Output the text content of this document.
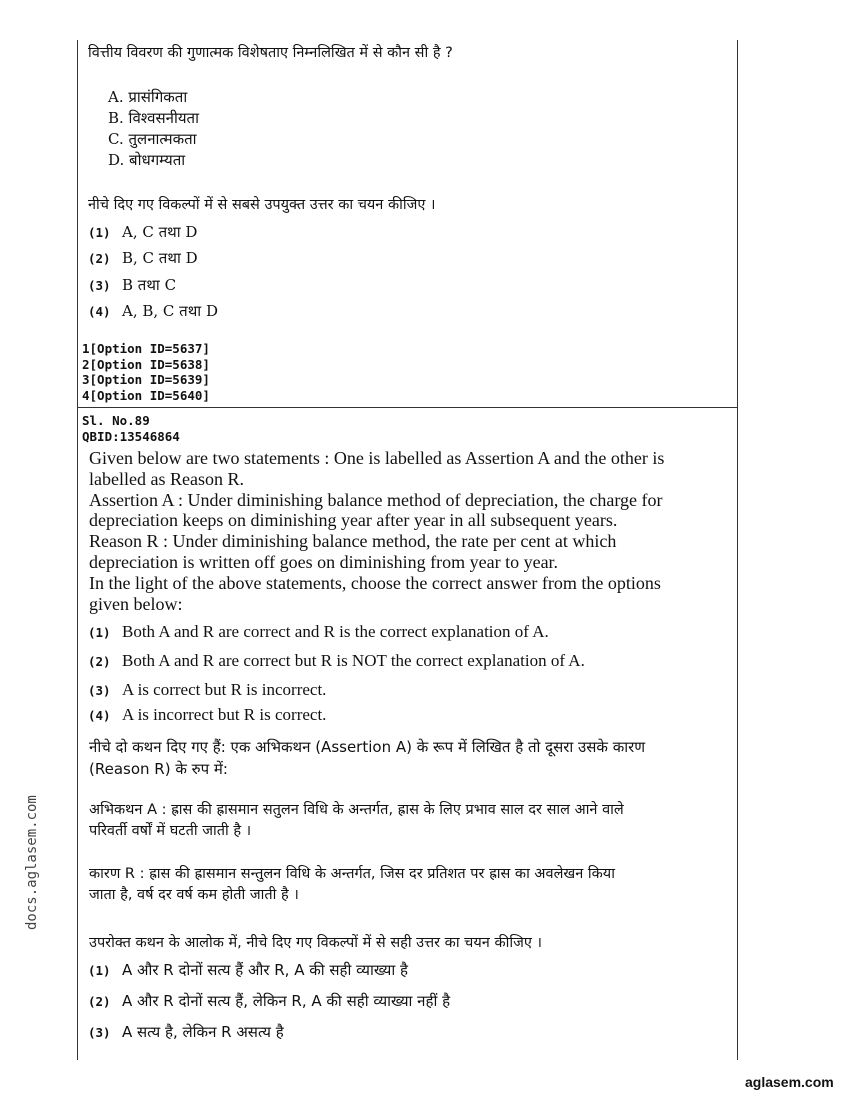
वित्तीय विवरण की गुणात्मक विशेषताए निम्नलिखित में से कौन सी है ?
A. प्रासंगिकता
B. विश्वसनीयता
C. तुलनात्मकता
D. बोधगम्यता
नीचे दिए गए विकल्पों में से सबसे उपयुक्त उत्तर का चयन कीजिए ।
(1) A, C तथा D
(2) B, C तथा D
(3) B तथा C
(4) A, B, C तथा D
1[Option ID=5637]
2[Option ID=5638]
3[Option ID=5639]
4[Option ID=5640]
Sl. No.89
QBID:13546864
Given below are two statements : One is labelled as Assertion A and the other is
labelled as Reason R.
Assertion A : Under diminishing balance method of depreciation, the charge for
depreciation keeps on diminishing year after year in all subsequent years.
Reason R : Under diminishing balance method, the rate per cent at which
depreciation is written off goes on diminishing from year to year.
In the light of the above statements, choose the correct answer from the options
given below:
(1) Both A and R are correct and R is the correct explanation of A.
(2) Both A and R are correct but R is NOT the correct explanation of A.
(3) A is correct but R is incorrect.
(4) A is incorrect but R is correct.
नीचे दो कथन दिए गए हैं: एक अभिकथन (Assertion A) के रूप में लिखित है तो दूसरा उसके कारण
(Reason R) के रुप में:
अभिकथन A : ह्रास की ह्रासमान सतुलन विधि के अन्तर्गत, ह्रास के लिए प्रभाव साल दर साल आने वाले
परिवर्ती वर्षों में घटती जाती है ।
कारण R : ह्रास की ह्रासमान सन्तुलन विधि के अन्तर्गत, जिस दर प्रतिशत पर ह्रास का अवलेखन किया
जाता है, वर्ष दर वर्ष कम होती जाती है ।
उपरोक्त कथन के आलोक में, नीचे दिए गए विकल्पों में से सही उत्तर का चयन कीजिए ।
(1) A और R दोनों सत्य हैं और R, A की सही व्याख्या है
(2) A और R दोनों सत्य हैं, लेकिन R, A की सही व्याख्या नहीं है
(3) A सत्य है, लेकिन R असत्य है
docs.aglasem.com
aglasem.com
